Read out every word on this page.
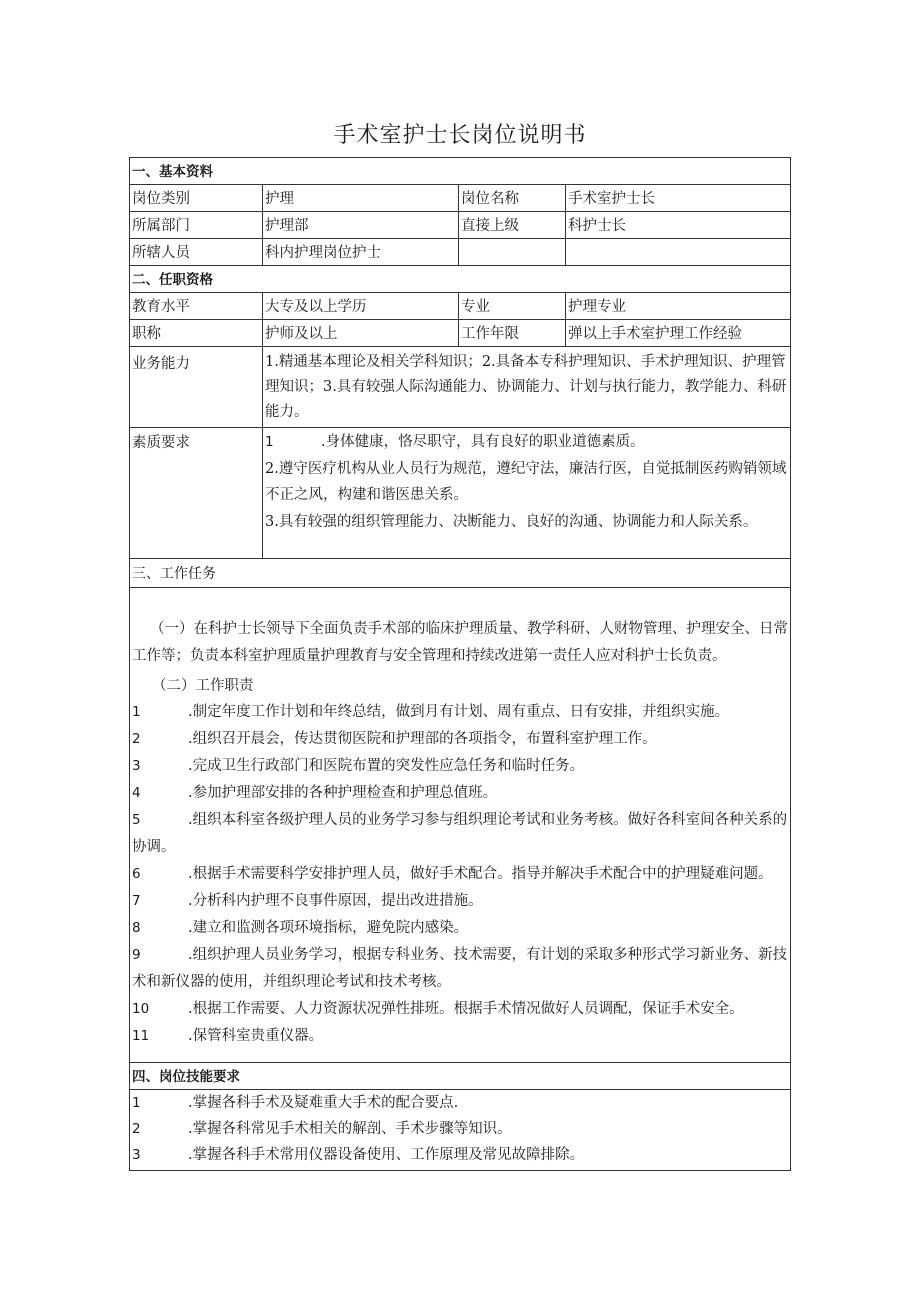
手术室护士长岗位说明书
一、基本资料
岗位类别	护理	岗位名称	手术室护士长
所属部门	护理部	直接上级	科护士长
所辖人员	科内护理岗位护士
二、任职资格
教育水平	大专及以上学历	专业	护理专业
职称	护师及以上	工作年限	弹以上手术室护理工作经验
业务能力	1.精通基本理论及相关学科知识；2.具备本专科护理知识、手术护理知识、护理管理知识；3.具有较强人际沟通能力、协调能力、计划与执行能力，教学能力、科研能力。
素质要求	1	.身体健康，恪尽职守，具有良好的职业道德素质。
2.遵守医疗机构从业人员行为规范，遵纪守法，廉洁行医，自觉抵制医药购销领域不正之风，构建和谐医患关系。
3.具有较强的组织管理能力、决断能力、良好的沟通、协调能力和人际关系。
三、工作任务
（一）在科护士长领导下全面负责手术部的临床护理质量、教学科研、人财物管理、护理安全、日常工作等；负责本科室护理质量护理教育与安全管理和持续改进第一责任人应对科护士长负责。
（二）工作职责
1	.制定年度工作计划和年终总结，做到月有计划、周有重点、日有安排，并组织实施。
2	.组织召开晨会，传达贯彻医院和护理部的各项指令，布置科室护理工作。
3	.完成卫生行政部门和医院布置的突发性应急任务和临时任务。
4	.参加护理部安排的各种护理检查和护理总值班。
5	.组织本科室各级护理人员的业务学习参与组织理论考试和业务考核。做好各科室间各种关系的协调。
6	.根据手术需要科学安排护理人员，做好手术配合。指导并解决手术配合中的护理疑难问题。
7	.分析科内护理不良事件原因，提出改进措施。
8	.建立和监测各项环境指标，避免院内感染。
9	.组织护理人员业务学习，根据专科业务、技术需要，有计划的采取多种形式学习新业务、新技术和新仪器的使用，并组织理论考试和技术考核。
10	.根据工作需要、人力资源状况弹性排班。根据手术情况做好人员调配，保证手术安全。
11	.保管科室贵重仪器。
四、岗位技能要求
1	.掌握各科手术及疑难重大手术的配合要点.
2	.掌握各科常见手术相关的解剖、手术步骤等知识。
3	.掌握各科手术常用仪器设备使用、工作原理及常见故障排除。
